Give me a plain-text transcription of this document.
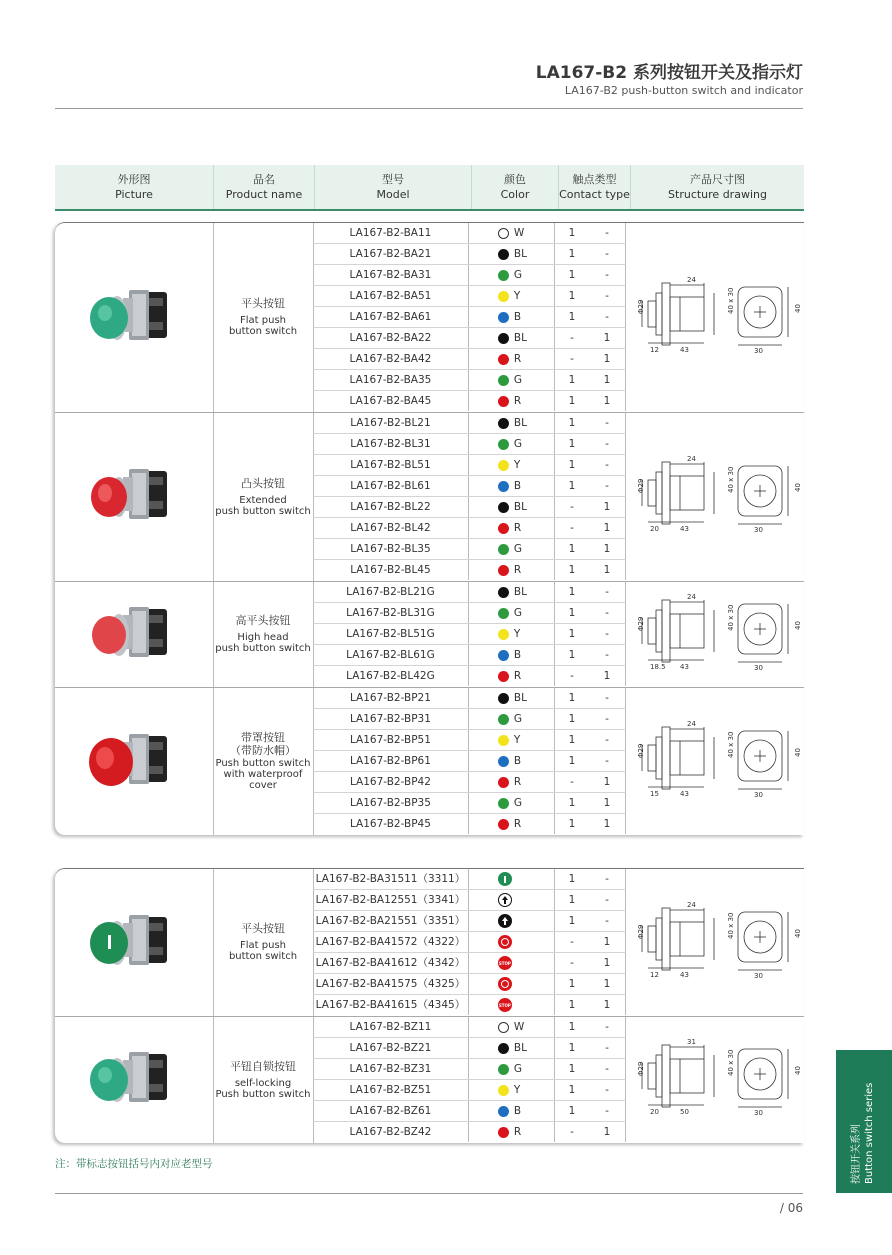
LA167-B2 系列按钮开关及指示灯
LA167-B2 push-button switch and indicator
外形图
Picture
品名
Product name
型号
Model
颜色
Color
触点类型
Contact type
产品尺寸图
Structure drawing
平头按钮
Flat push
button switch
LA167-B2-BA11	W	1	-
LA167-B2-BA21	BL	1	-
LA167-B2-BA31	G	1	-
LA167-B2-BA51	Y	1	-
LA167-B2-BA61	B	1	-
LA167-B2-BA22	BL	-	1
LA167-B2-BA42	R	-	1
LA167-B2-BA35	G	1	1
LA167-B2-BA45	R	1	1
24
Φ29
12	43
40 x 30
30
40
凸头按钮
Extended
push button switch
LA167-B2-BL21	BL	1	-
LA167-B2-BL31	G	1	-
LA167-B2-BL51	Y	1	-
LA167-B2-BL61	B	1	-
LA167-B2-BL22	BL	-	1
LA167-B2-BL42	R	-	1
LA167-B2-BL35	G	1	1
LA167-B2-BL45	R	1	1
24
Φ29
20	43
40 x 30
30
40
高平头按钮
High head
push button switch
LA167-B2-BL21G	BL	1	-
LA167-B2-BL31G	G	1	-
LA167-B2-BL51G	Y	1	-
LA167-B2-BL61G	B	1	-
LA167-B2-BL42G	R	-	1
24
Φ29
18.5 43
40 x 30
30
40
带罩按钮
（带防水帽）
Push button switch
with waterproof
cover
LA167-B2-BP21	BL	1	-
LA167-B2-BP31	G	1	-
LA167-B2-BP51	Y	1	-
LA167-B2-BP61	B	1	-
LA167-B2-BP42	R	-	1
LA167-B2-BP35	G	1	1
LA167-B2-BP45	R	1	1
24
Φ29
15	43
40 x 30
30
40
平头按钮
Flat push
button switch
LA167-B2-BA31511（3311）	1	-
LA167-B2-BA12551（3341）	1	-
LA167-B2-BA21551（3351）	1	-
LA167-B2-BA41572（4322）	-	1
LA167-B2-BA41612（4342）	STOP	-	1
LA167-B2-BA41575（4325）	1	1
LA167-B2-BA41615（4345）	STOP	1	1
24
Φ29
12	43
40 x 30
30
40
平钮自锁按钮
self-locking
Push button switch
LA167-B2-BZ11	W	1	-
LA167-B2-BZ21	BL	1	-
LA167-B2-BZ31	G	1	-
LA167-B2-BZ51	Y	1	-
LA167-B2-BZ61	B	1	-
LA167-B2-BZ42	R	-	1
31
Φ29
20	50
40 x 30
30
40
注：带标志按钮括号内对应老型号
/ 06
按钮开关系列 Button switch series
